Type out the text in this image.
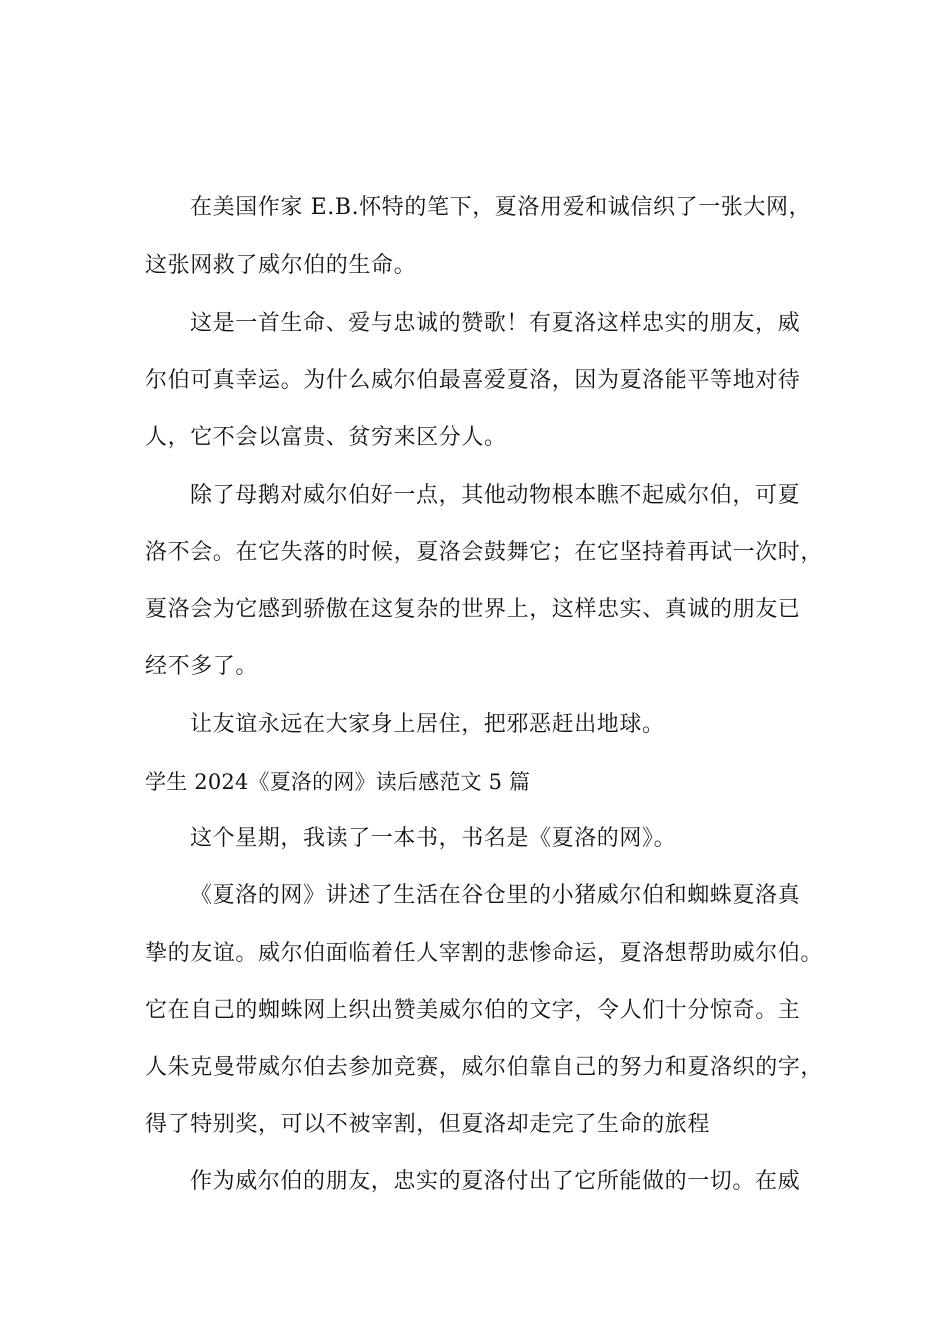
在美国作家 E.B.怀特的笔下，夏洛用爱和诚信织了一张大网，
这张网救了威尔伯的生命。
这是一首生命、爱与忠诚的赞歌！有夏洛这样忠实的朋友，威
尔伯可真幸运。为什么威尔伯最喜爱夏洛，因为夏洛能平等地对待
人，它不会以富贵、贫穷来区分人。
除了母鹅对威尔伯好一点，其他动物根本瞧不起威尔伯，可夏
洛不会。在它失落的时候，夏洛会鼓舞它；在它坚持着再试一次时，
夏洛会为它感到骄傲在这复杂的世界上，这样忠实、真诚的朋友已
经不多了。
让友谊永远在大家身上居住，把邪恶赶出地球。
学生 2024《夏洛的网》读后感范文 5 篇
这个星期，我读了一本书，书名是《夏洛的网》。
《夏洛的网》讲述了生活在谷仓里的小猪威尔伯和蜘蛛夏洛真
挚的友谊。威尔伯面临着任人宰割的悲惨命运，夏洛想帮助威尔伯。
它在自己的蜘蛛网上织出赞美威尔伯的文字，令人们十分惊奇。主
人朱克曼带威尔伯去参加竞赛，威尔伯靠自己的努力和夏洛织的字，
得了特别奖，可以不被宰割，但夏洛却走完了生命的旅程
作为威尔伯的朋友，忠实的夏洛付出了它所能做的一切。在威
